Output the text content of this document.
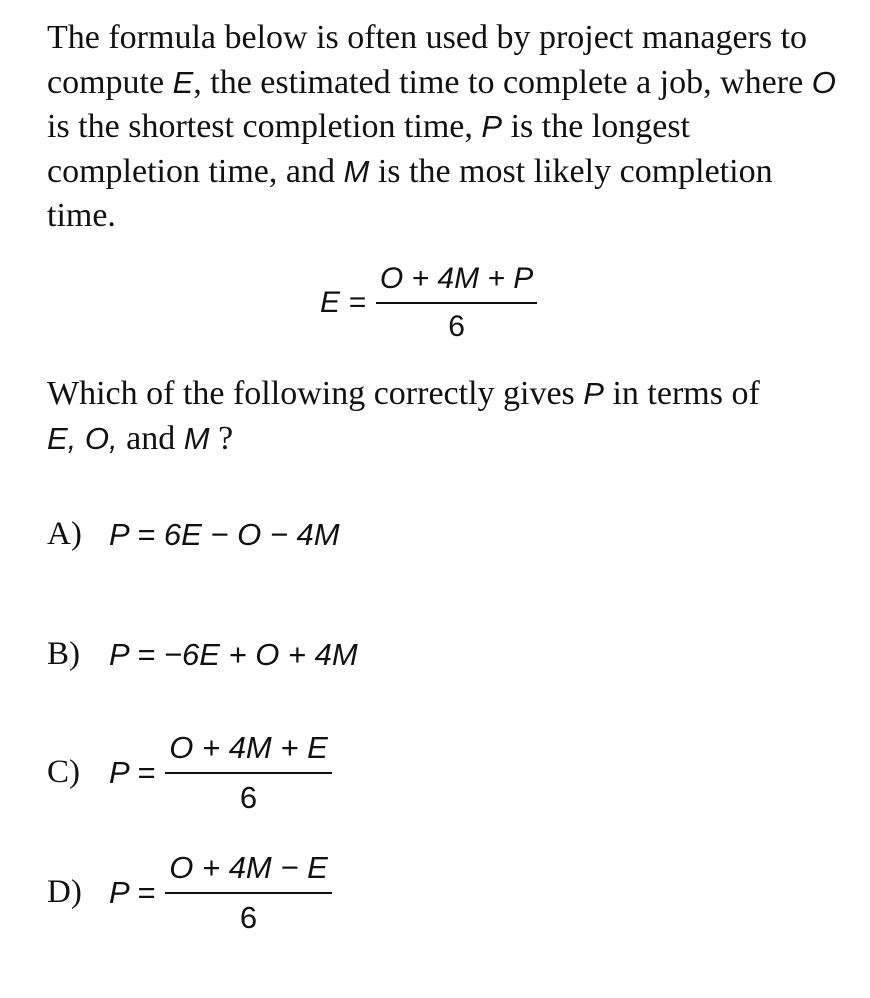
The formula below is often used by project managers to compute E, the estimated time to complete a job, where O is the shortest completion time, P is the longest completion time, and M is the most likely completion time.

$E = \frac{O + 4M + P}{6}$

Which of the following correctly gives P in terms of
E, O, and M ?

A) P = 6E − O − 4M
B) P = −6E + O + 4M
C) $P = \frac{O + 4M + E}{6}$
D) $P = \frac{O + 4M - E}{6}$
